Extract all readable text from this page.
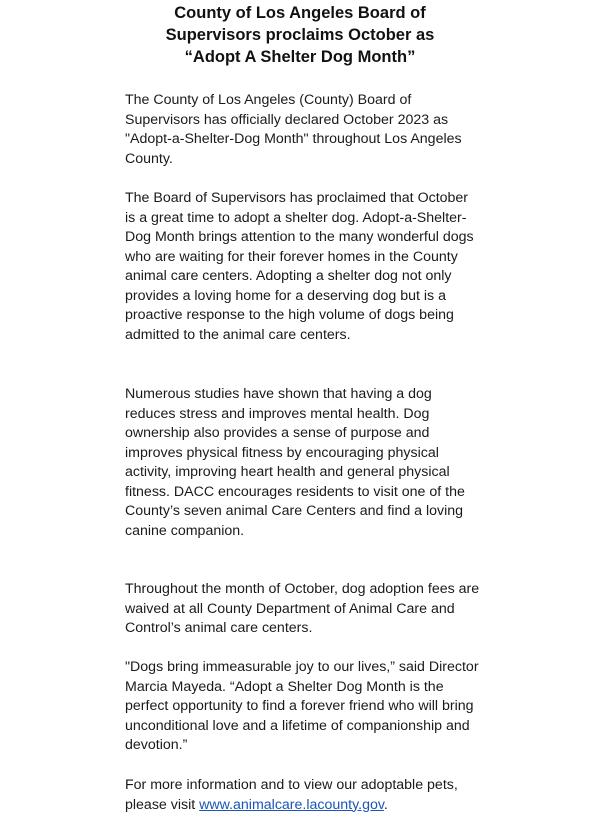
County of Los Angeles Board of
Supervisors proclaims October as
“Adopt A Shelter Dog Month”

The County of Los Angeles (County) Board of Supervisors has officially declared October 2023 as "Adopt-a-Shelter-Dog Month" throughout Los Angeles County.

The Board of Supervisors has proclaimed that October is a great time to adopt a shelter dog. Adopt-a-Shelter-Dog Month brings attention to the many wonderful dogs who are waiting for their forever homes in the County animal care centers. Adopting a shelter dog not only provides a loving home for a deserving dog but is a proactive response to the high volume of dogs being admitted to the animal care centers.

Numerous studies have shown that having a dog reduces stress and improves mental health. Dog ownership also provides a sense of purpose and improves physical fitness by encouraging physical activity, improving heart health and general physical fitness. DACC encourages residents to visit one of the County’s seven animal Care Centers and find a loving canine companion.

Throughout the month of October, dog adoption fees are waived at all County Department of Animal Care and Control’s animal care centers.

"Dogs bring immeasurable joy to our lives,” said Director Marcia Mayeda. “Adopt a Shelter Dog Month is the perfect opportunity to find a forever friend who will bring unconditional love and a lifetime of companionship and devotion.”

For more information and to view our adoptable pets, please visit www.animalcare.lacounty.gov.
